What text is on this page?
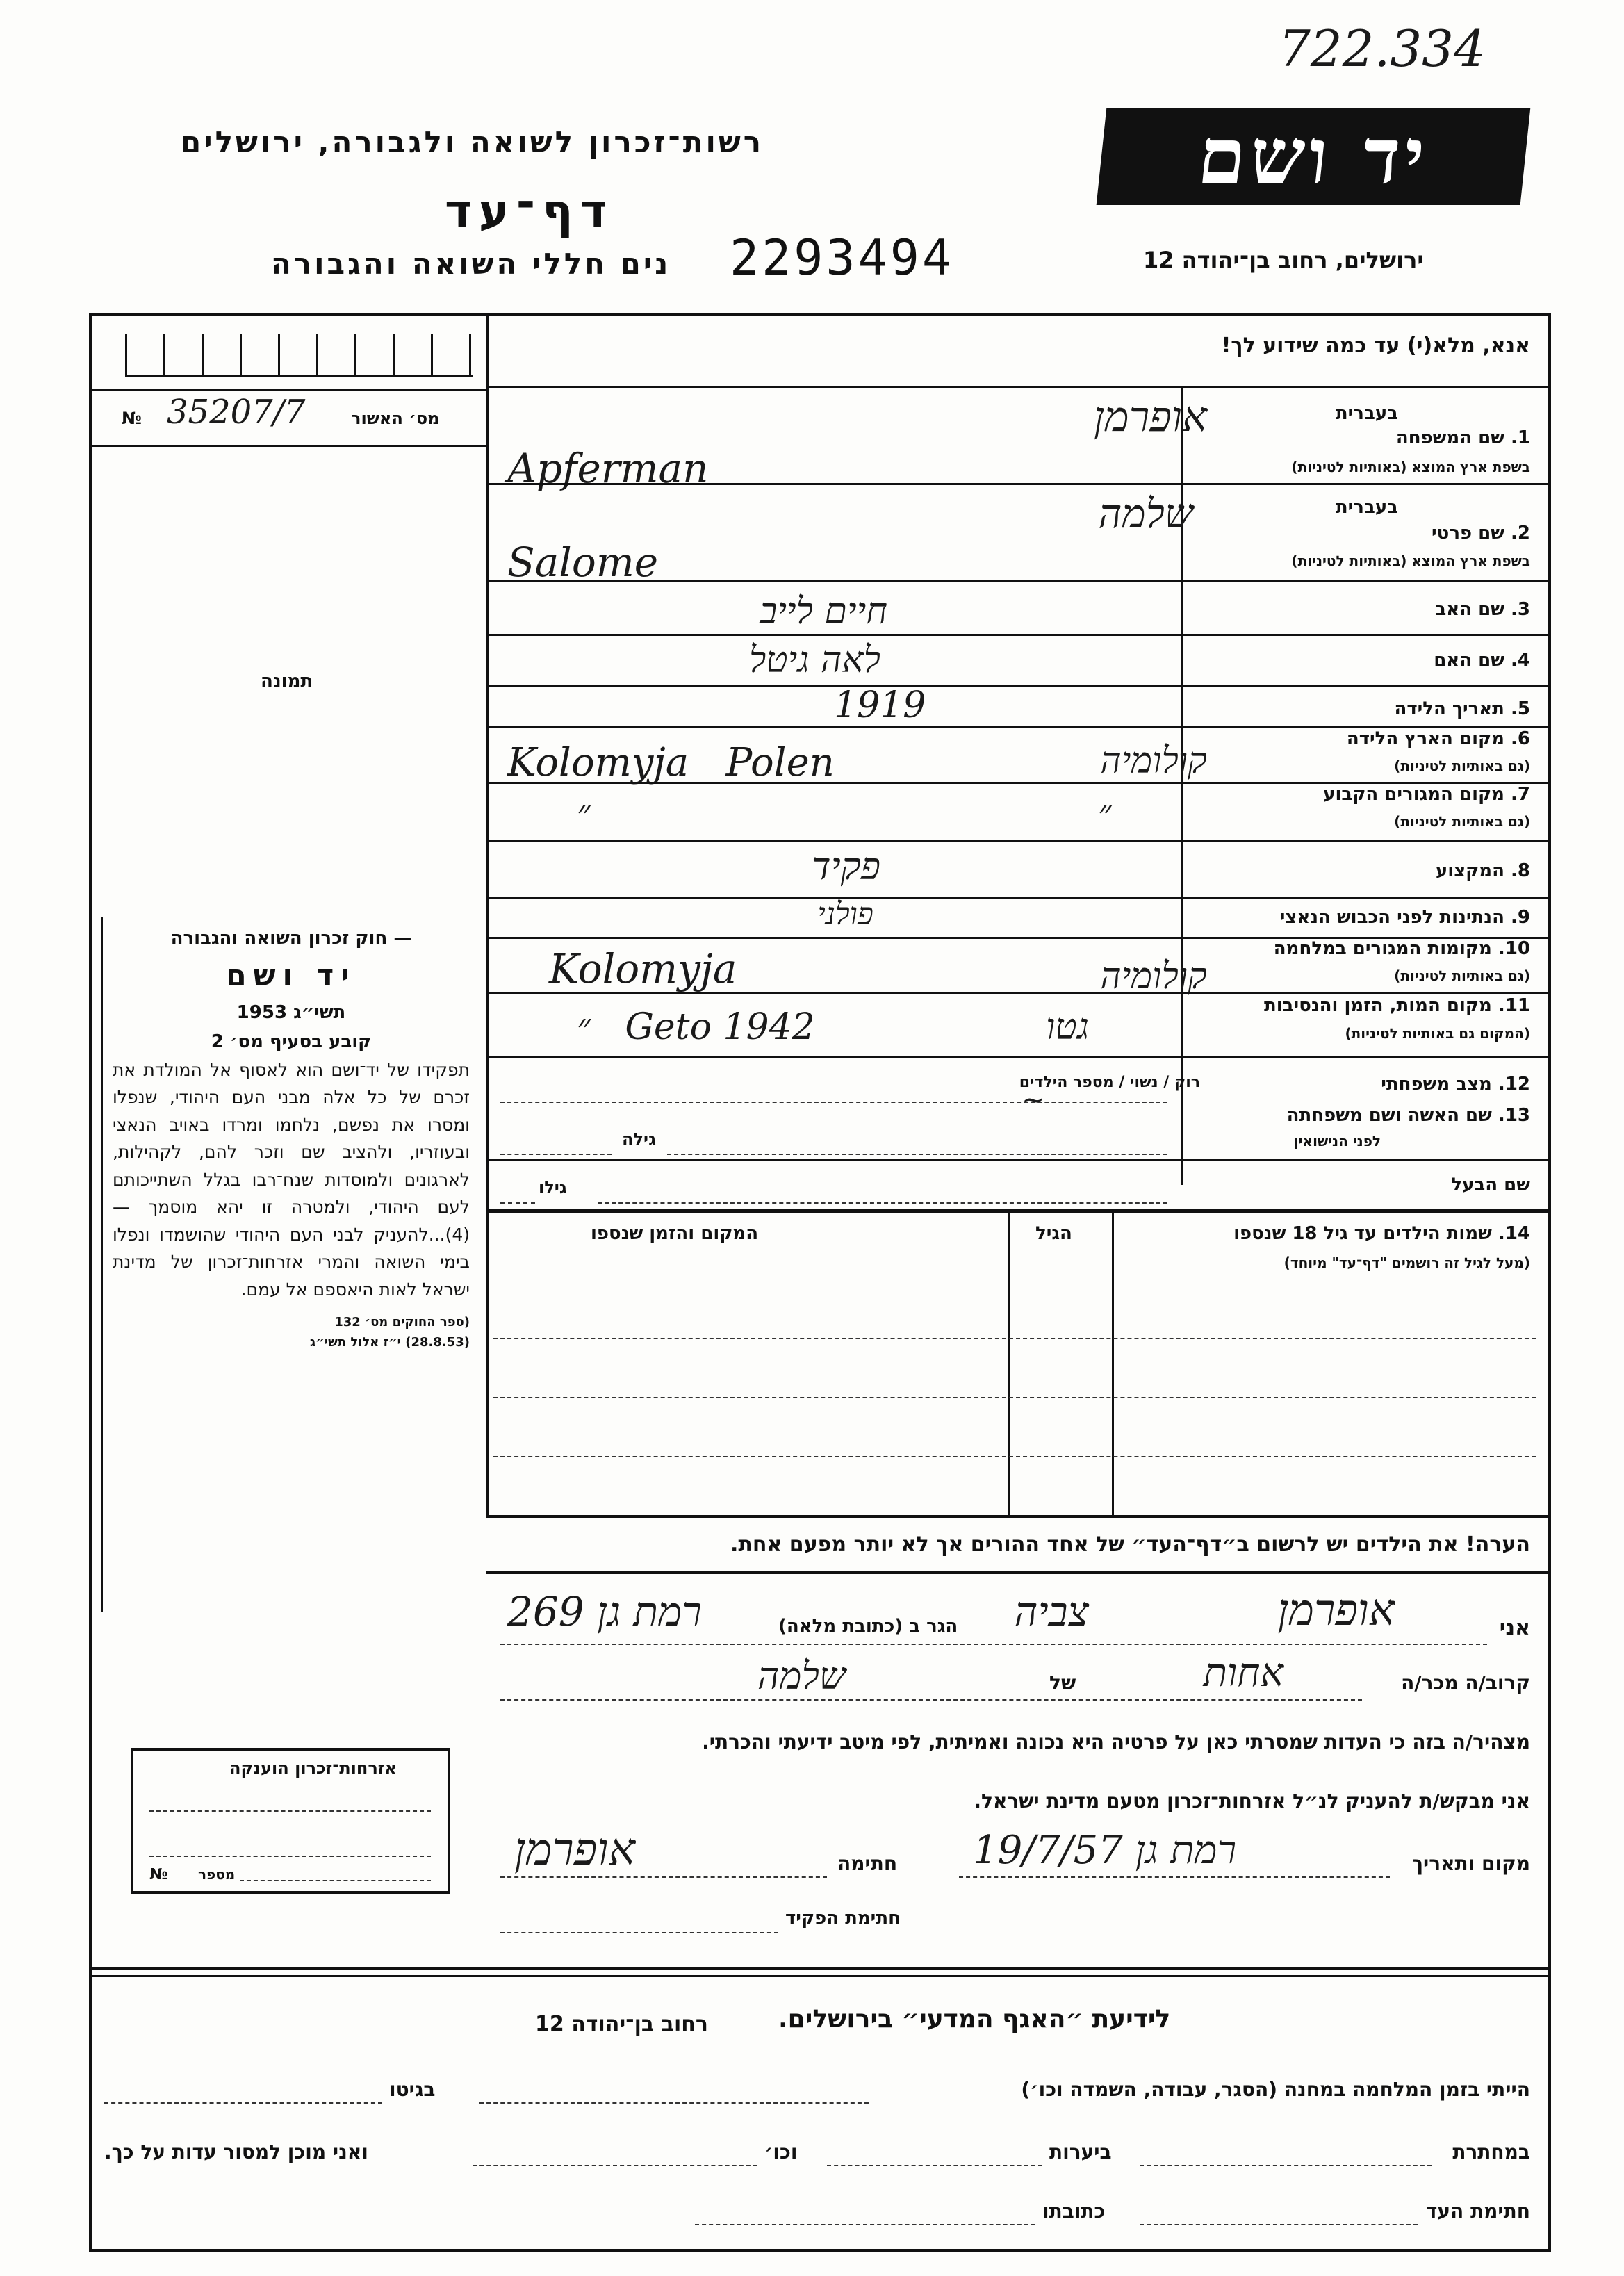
722.334
רשות־זכרון לשואה ולגבורה, ירושלים
דף־עד
נים חללי השואה והגבורה 2293494
יד ושם
ירושלים, רחוב בן־יהודה 12
אנא, מלא(י) עד כמה שידוע לך!
№ 35207/7	מס׳ האשור
תמונה
בעברית
1. שם המשפחה
בשפת ארץ המוצא (באותיות לטיניות)
אופרמן
Apferman
בעברית
2. שם פרטי
בשפת ארץ המוצא (באותיות לטיניות)
שלמה
Salome
3. שם האב
חיים לייב
4. שם האם
לאה גיטל
5. תאריך הלידה
1919
6. מקום הארץ הלידה
(גם באותיות לטיניות)
קולומיה
Kolomyja   Polen
7. מקום המגורים הקבוע
(גם באותיות לטיניות)
״
״
8. המקצוע
פקיד
9. הנתינות לפני הכבוש הנאצי
פולני
10. מקומות המגורים במלחמה
(גם באותיות לטיניות)
קולומיה
Kolomyja
11. מקום המות, הזמן והנסיבות
(המקום גם באותיות לטיניות)
גטו
״   Geto 1942
12. מצב משפחתי
רוק / נשוי / מספר הילדים
~	13. שם האשה ושם משפחתה
לפני הנישואין
גילה
שם הבעל
גילו
14. שמות הילדים עד גיל 18 שנספו
(מעל לגיל זה רושמים "דף־עד" מיוחד)
הגיל
המקום והזמן שנספו

— חוק זכרון השואה והגבורה

יד ושם

תשי״ג 1953

קובע בסעיף מס׳ 2

תפקידו של יד־ושם הוא לאסוף אל המולדת את זכרם של כל אלה מבני העם היהודי, שנפלו ומסרו את נפשם, נלחמו ומרדו באויב הנאצי ובעוזריו, ולהציב שם וזכר להם, לקהילות, לארגונים ולמוסדות שנח־רבו בגלל השתייכותם לעם היהודי, ולמטרה זו יהא מוסמך — (4)...להעניק לבני העם היהודי שהושמדו ונפלו בימי השואה והמרי אזרחות־זכרון של מדינת ישראל לאות היאספם אל עמם.

(ספר החוקים מס׳ 132

(28.8.53) י״ז אלול תשי״ג

הערה! את הילדים יש לרשום ב״דף־העד״ של אחד ההורים אך לא יותר מפעם אחת.
אני
אופרמן
צביה
הגר ב (כתובת מלאה)
רמת גן 269
קרוב/ה מכר/ה
אחות
של
שלמה
מצהיר/ה בזה כי העדות שמסרתי כאן על פרטיה היא נכונה ואמיתית, לפי מיטב ידיעתי והכרתי.
אני מבקש/ת להעניק לנ״ל אזרחות־זכרון מטעם מדינת ישראל.
מקום ותאריך
רמת גן 19/7/57
חתימה
אופרמן
חתימת הפקיד
אזרחות־זכרון הוענקה
№ מספר
לידיעת ״האגף המדעי״ בירושלים.
רחוב בן־יהודה 12
הייתי בזמן המלחמה במחנה (הסגר, עבודה, השמדה וכו׳)
בגיטו
במחתרת
ביערות
וכו׳
ואני מוכן למסור עדות על כך.
חתימת העד
כתובתו
